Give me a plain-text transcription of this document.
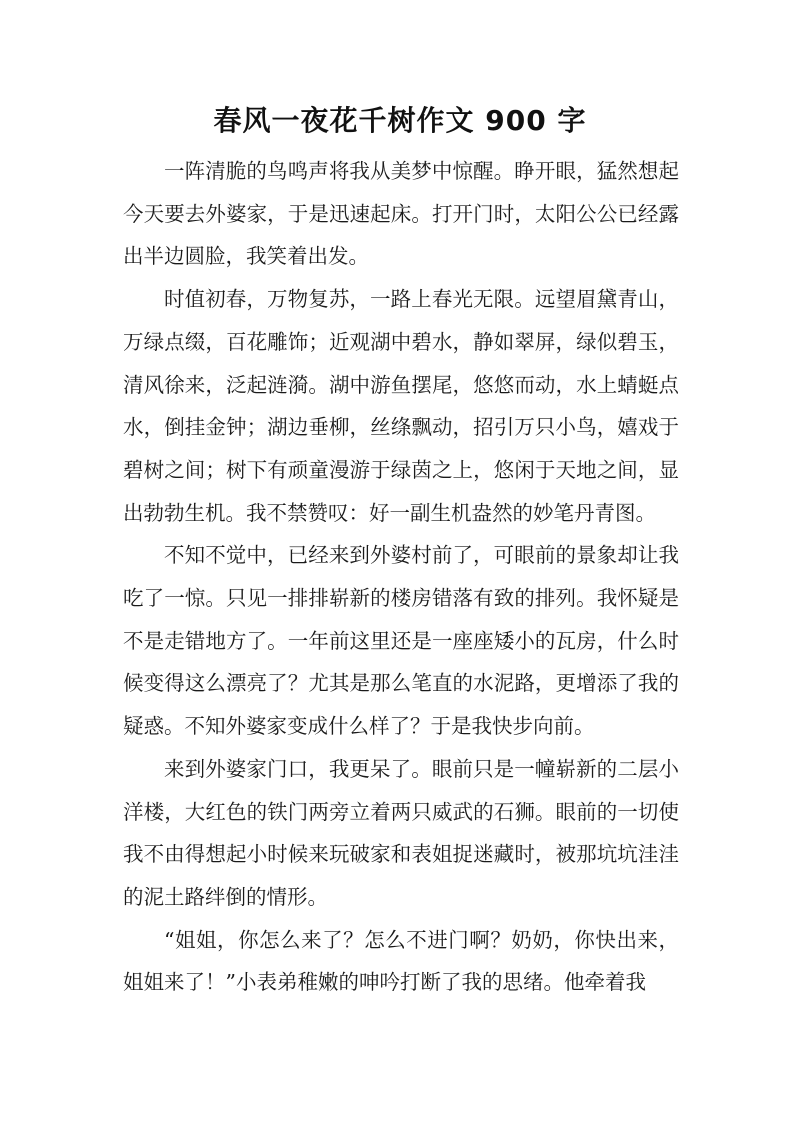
春风一夜花千树作文 900 字

一阵清脆的鸟鸣声将我从美梦中惊醒。睁开眼，猛然想起今天要去外婆家，于是迅速起床。打开门时，太阳公公已经露出半边圆脸，我笑着出发。

时值初春，万物复苏，一路上春光无限。远望眉黛青山，万绿点缀，百花雕饰；近观湖中碧水，静如翠屏，绿似碧玉，清风徐来，泛起涟漪。湖中游鱼摆尾，悠悠而动，水上蜻蜓点水，倒挂金钟；湖边垂柳，丝绦飘动，招引万只小鸟，嬉戏于碧树之间；树下有顽童漫游于绿茵之上，悠闲于天地之间，显出勃勃生机。我不禁赞叹：好一副生机盎然的妙笔丹青图。

不知不觉中，已经来到外婆村前了，可眼前的景象却让我吃了一惊。只见一排排崭新的楼房错落有致的排列。我怀疑是不是走错地方了。一年前这里还是一座座矮小的瓦房，什么时候变得这么漂亮了？尤其是那么笔直的水泥路，更增添了我的疑惑。不知外婆家变成什么样了？于是我快步向前。

来到外婆家门口，我更呆了。眼前只是一幢崭新的二层小洋楼，大红色的铁门两旁立着两只威武的石狮。眼前的一切使我不由得想起小时候来玩破家和表姐捉迷藏时，被那坑坑洼洼的泥土路绊倒的情形。

“姐姐，你怎么来了？怎么不进门啊？奶奶，你快出来，姐姐来了！”小表弟稚嫩的呻吟打断了我的思绪。他牵着我
